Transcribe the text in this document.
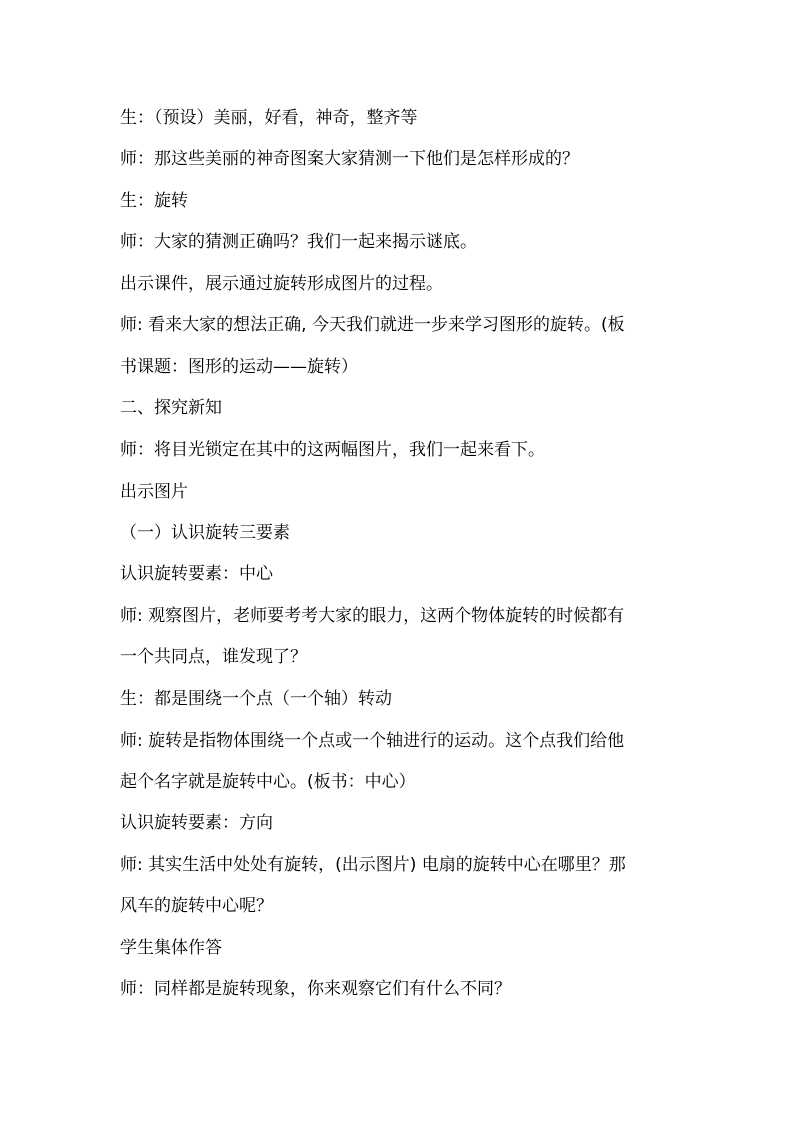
生：（预设）美丽，好看，神奇，整齐等
师：那这些美丽的神奇图案大家猜测一下他们是怎样形成的？
生：旋转
师：大家的猜测正确吗？我们一起来揭示谜底。
出示课件，展示通过旋转形成图片的过程。
师: 看来大家的想法正确, 今天我们就进一步来学习图形的旋转。(板
书课题：图形的运动——旋转）
二、探究新知
师：将目光锁定在其中的这两幅图片，我们一起来看下。
出示图片
（一）认识旋转三要素
认识旋转要素：中心
师: 观察图片，老师要考考大家的眼力，这两个物体旋转的时候都有
一个共同点，谁发现了？
生：都是围绕一个点（一个轴）转动
师: 旋转是指物体围绕一个点或一个轴进行的运动。这个点我们给他
起个名字就是旋转中心。(板书：中心）
认识旋转要素：方向
师: 其实生活中处处有旋转，(出示图片) 电扇的旋转中心在哪里？那
风车的旋转中心呢？
学生集体作答
师：同样都是旋转现象，你来观察它们有什么不同？
